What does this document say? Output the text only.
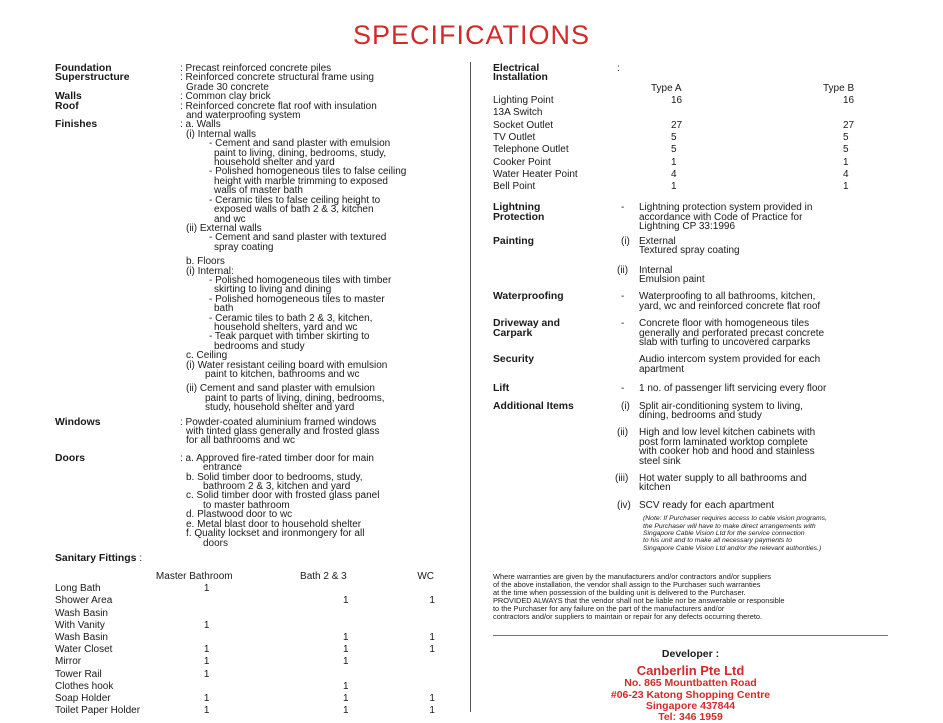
SPECIFICATIONS
Foundation	: Precast reinforced concrete piles
Superstructure	: Reinforced concrete structural frame using
Grade 30 concrete
Walls	: Common clay brick
Roof	: Reinforced concrete flat roof with insulation
and waterproofing system
Finishes	: a. Walls
(i) Internal walls
- Cement and sand plaster with emulsion
paint to living, dining, bedrooms, study,
household shelter and yard
- Polished homogeneous tiles to false ceiling
height with marble trimming to exposed
walls of master bath
- Ceramic tiles to false ceiling height to
exposed walls of bath 2 & 3, kitchen
and wc
(ii) External walls
- Cement and sand plaster with textured
spray coating
b. Floors
(i) Internal:
- Polished homogeneous tiles with timber
skirting to living and dining
- Polished homogeneous tiles to master
bath
- Ceramic tiles to bath 2 & 3, kitchen,
household shelters, yard and wc
- Teak parquet with timber skirting to
bedrooms and study
c. Ceiling
(i) Water resistant ceiling board with emulsion
paint to kitchen, bathrooms and wc
(ii) Cement and sand plaster with emulsion
paint to parts of living, dining, bedrooms,
study, household shelter and yard
Windows	: Powder-coated aluminium framed windows
with tinted glass generally and frosted glass
for all bathrooms and wc
Doors	: a. Approved fire-rated timber door for main
entrance
b. Solid timber door to bedrooms, study,
bathroom 2 & 3, kitchen and yard
c. Solid timber door with frosted glass panel
to master bathroom
d. Plastwood door to wc
e. Metal blast door to household shelter
f. Quality lockset and ironmongery for all
doors
Sanitary Fittings :
	Master Bathroom	Bath 2 & 3	WC
Long Bath	1		
Shower Area		1	1
Wash Basin			
With Vanity	1		
Wash Basin		1	1
Water Closet	1	1	1
Mirror	1	1	
Tower Rail	1		
Clothes hook		1	
Soap Holder	1	1	1
Toilet Paper Holder	1	1	1
Electrical
Installation
:
	Type A	Type B
Lighting Point	16	16
13A Switch		
Socket Outlet	27	27
TV Outlet	5	5
Telephone Outlet	5	5
Cooker Point	1	1
Water Heater Point	4	4
Bell Point	1	1
Lightning
Protection
-	Lightning protection system provided in
accordance with Code of Practice for
Lightning CP 33:1996
Painting	(i) External
Textured spray coating
(ii)	Internal
Emulsion paint
Waterproofing	-	Waterproofing to all bathrooms, kitchen,
yard, wc and reinforced concrete flat roof
Driveway and
Carpark
-	Concrete floor with homogeneous tiles
generally and perforated precast concrete
slab with turfing to uncovered carparks
Security	Audio intercom system provided for each
apartment
Lift	-	1 no. of passenger lift servicing every floor
Additional Items	(i) Split air-conditioning system to living,
dining, bedrooms and study
(ii)	High and low level kitchen cabinets with
post form laminated worktop complete
with cooker hob and hood and stainless
steel sink
(iii)	Hot water supply to all bathrooms and
kitchen
(iv) SCV ready for each apartment
(Note: If Purchaser requires access to cable vision programs,
the Purchaser will have to make direct arrangements with
Singapore Cable Vision Ltd for the service connection
to his unit and to make all necessary payments to
Singapore Cable Vision Ltd and/or the relevant authorities.)
Where warranties are given by the manufacturers and/or contractors and/or suppliers
of the above installation, the vendor shall assign to the Purchaser such warranties
at the time when possession of the building unit is delivered to the Purchaser.
PROVIDED ALWAYS that the vendor shall not be liable nor be answerable or responsible
to the Purchaser for any failure on the part of the manufacturers and/or
contractors and/or suppliers to maintain or repair for any defects occurring thereto.
Developer :
Canberlin Pte Ltd
No. 865 Mountbatten Road
#06-23 Katong Shopping Centre
Singapore 437844
Tel: 346 1959
